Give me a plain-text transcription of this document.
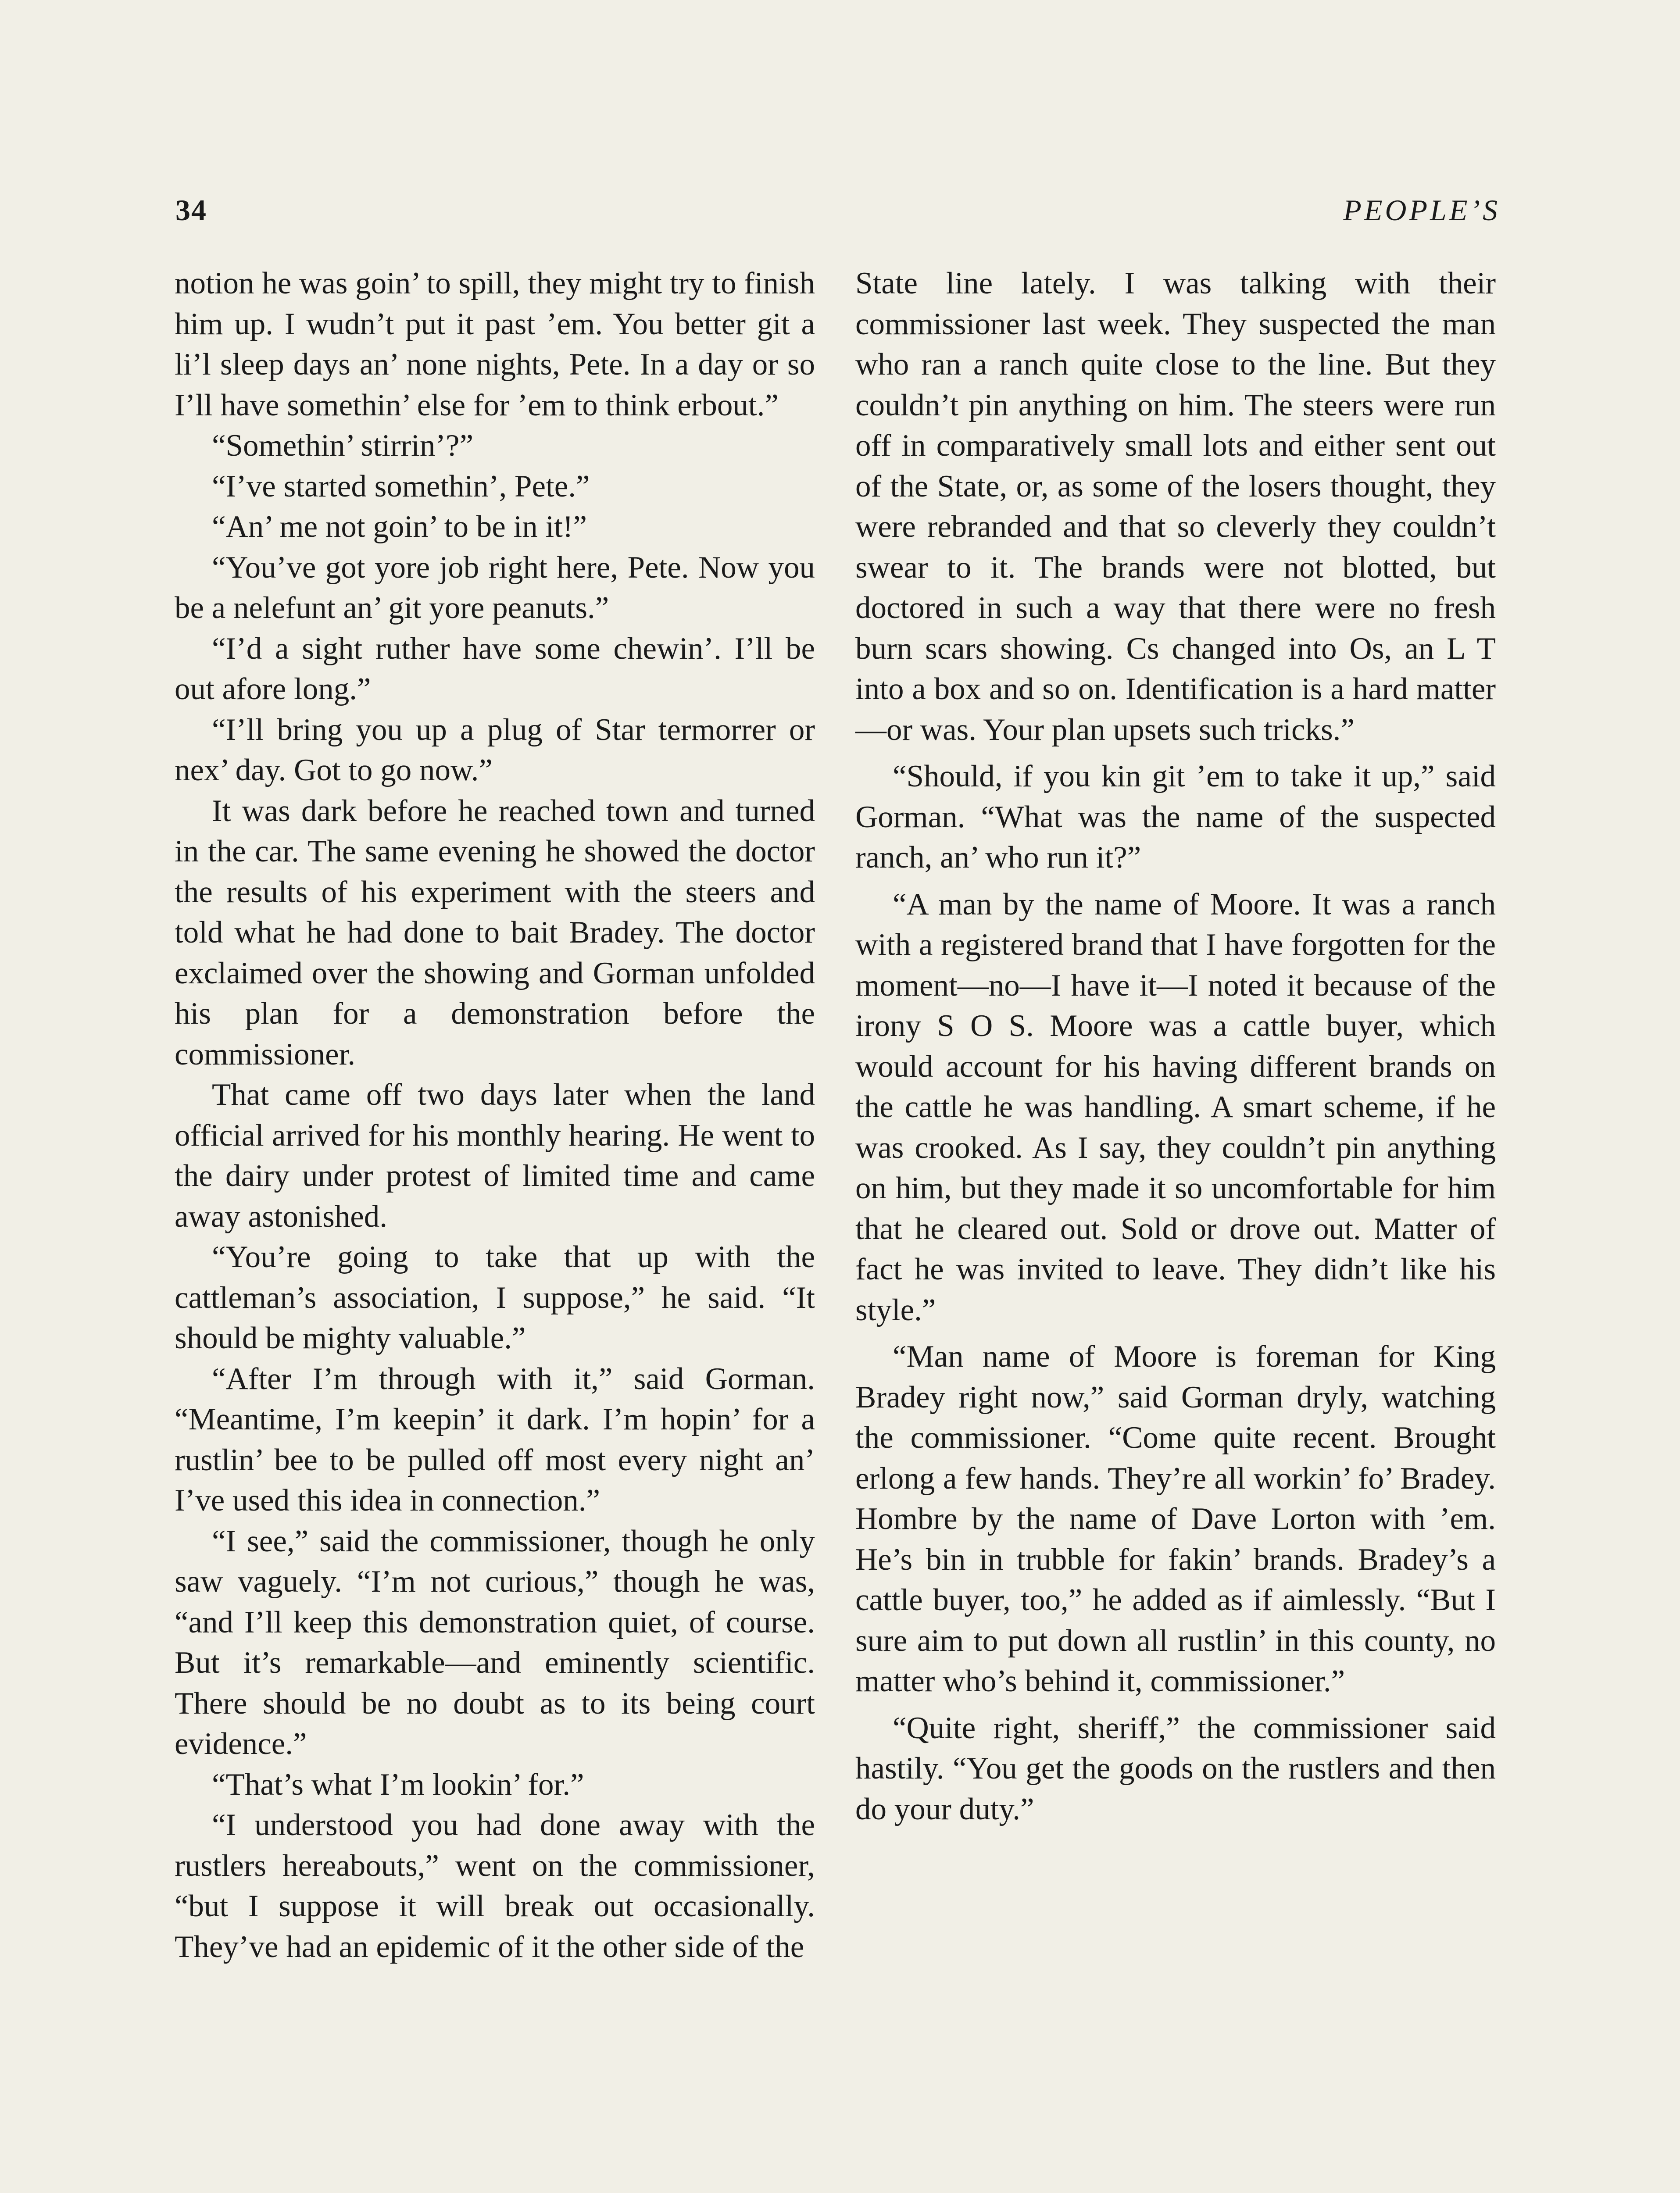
34	PEOPLE’S

notion he was goin’ to spill, they might try to finish him up. I wudn’t put it past ’em. You better git a li’l sleep days an’ none nights, Pete. In a day or so I’ll have somethin’ else for ’em to think erbout.”

“Somethin’ stirrin’?”

“I’ve started somethin’, Pete.”

“An’ me not goin’ to be in it!”

“You’ve got yore job right here, Pete. Now you be a nelefunt an’ git yore peanuts.”

“I’d a sight ruther have some chewin’. I’ll be out afore long.”

“I’ll bring you up a plug of Star termorrer or nex’ day. Got to go now.”

It was dark before he reached town and turned in the car. The same evening he showed the doctor the results of his experiment with the steers and told what he had done to bait Bradey. The doctor exclaimed over the showing and Gorman unfolded his plan for a demonstration before the commissioner.

That came off two days later when the land official arrived for his monthly hearing. He went to the dairy under protest of limited time and came away astonished.

“You’re going to take that up with the cattleman’s association, I suppose,” he said. “It should be mighty valuable.”

“After I’m through with it,” said Gorman. “Meantime, I’m keepin’ it dark. I’m hopin’ for a rustlin’ bee to be pulled off most every night an’ I’ve used this idea in connection.”

“I see,” said the commissioner, though he only saw vaguely. “I’m not curious,” though he was, “and I’ll keep this demonstration quiet, of course. But it’s remarkable—and eminently scientific. There should be no doubt as to its being court evidence.”

“That’s what I’m lookin’ for.”

“I understood you had done away with the rustlers hereabouts,” went on the commissioner, “but I suppose it will break out occasionally. They’ve had an epidemic of it the other side of the

State line lately. I was talking with their commissioner last week. They suspected the man who ran a ranch quite close to the line. But they couldn’t pin anything on him. The steers were run off in comparatively small lots and either sent out of the State, or, as some of the losers thought, they were rebranded and that so cleverly they couldn’t swear to it. The brands were not blotted, but doctored in such a way that there were no fresh burn scars showing. Cs changed into Os, an L T into a box and so on. Identification is a hard matter—or was. Your plan upsets such tricks.”

“Should, if you kin git ’em to take it up,” said Gorman. “What was the name of the suspected ranch, an’ who run it?”

“A man by the name of Moore. It was a ranch with a registered brand that I have forgotten for the moment—no—I have it—I noted it because of the irony S O S. Moore was a cattle buyer, which would account for his having different brands on the cattle he was handling. A smart scheme, if he was crooked. As I say, they couldn’t pin anything on him, but they made it so uncomfortable for him that he cleared out. Sold or drove out. Matter of fact he was invited to leave. They didn’t like his style.”

“Man name of Moore is foreman for King Bradey right now,” said Gorman dryly, watching the commissioner. “Come quite recent. Brought erlong a few hands. They’re all workin’ fo’ Bradey. Hombre by the name of Dave Lorton with ’em. He’s bin in trubble for fakin’ brands. Bradey’s a cattle buyer, too,” he added as if aimlessly. “But I sure aim to put down all rustlin’ in this county, no matter who’s behind it, commissioner.”

“Quite right, sheriff,” the commissioner said hastily. “You get the goods on the rustlers and then do your duty.”
